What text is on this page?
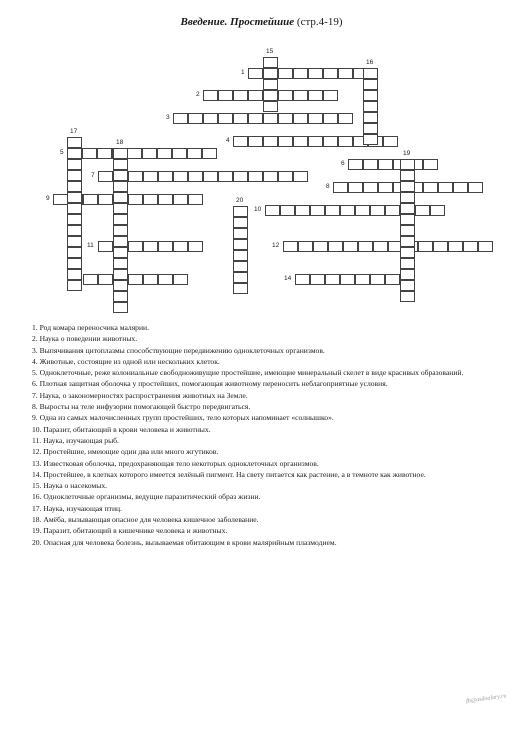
Введение. Простейшие (стр.4-19)
1
2
3
4
5
6
7
8
9
10
11	12
14
15
16
17
18
19
20
1. Род комара переносчика малярии.
2. Наука о поведении животных.
3. Выпячивания цитоплазмы способствующие передвижению одноклеточных организмов.
4. Животные, состоящие из одной или нескольких клеток.
5. Одноклеточные, реже колониальные свободноживущие простейшие, имеющие минеральный скелет в виде красивых образований.
6. Плотная защитная оболочка у простейших, помогающая животному переносить неблагоприятные условия.
7. Наука, о закономерностях распространения животных на Земле.
8. Выросты на теле инфузории помогающей быстро передвигаться.
9. Одна из самых малочисленных групп простейших, тело которых напоминает «солнышко».
10. Паразит, обитающий в крови человека и животных.
11. Наука, изучающая рыб.
12. Простейшие, имеющие один два или много жгутиков.
13. Известковая оболочка, предохраняющая тело некоторых одноклеточных организмов.
14. Простейшее, в клетках которого имеется зелёный пигмент. На свету питается как растение, а в темноте как животное.
15. Наука о насекомых.
16. Одноклеточные организмы, ведущие паразитический образ жизни.
17. Наука, изучающая птиц.
18. Амёба, вызывающая опасное для человека кишечное заболевание.
19. Паразит, обитающий в кишечнике человека и животных.
20. Опасная для человека болезнь, вызываемая обитающим в крови малярийным плазмодием.
fb@asdoalary.ru
